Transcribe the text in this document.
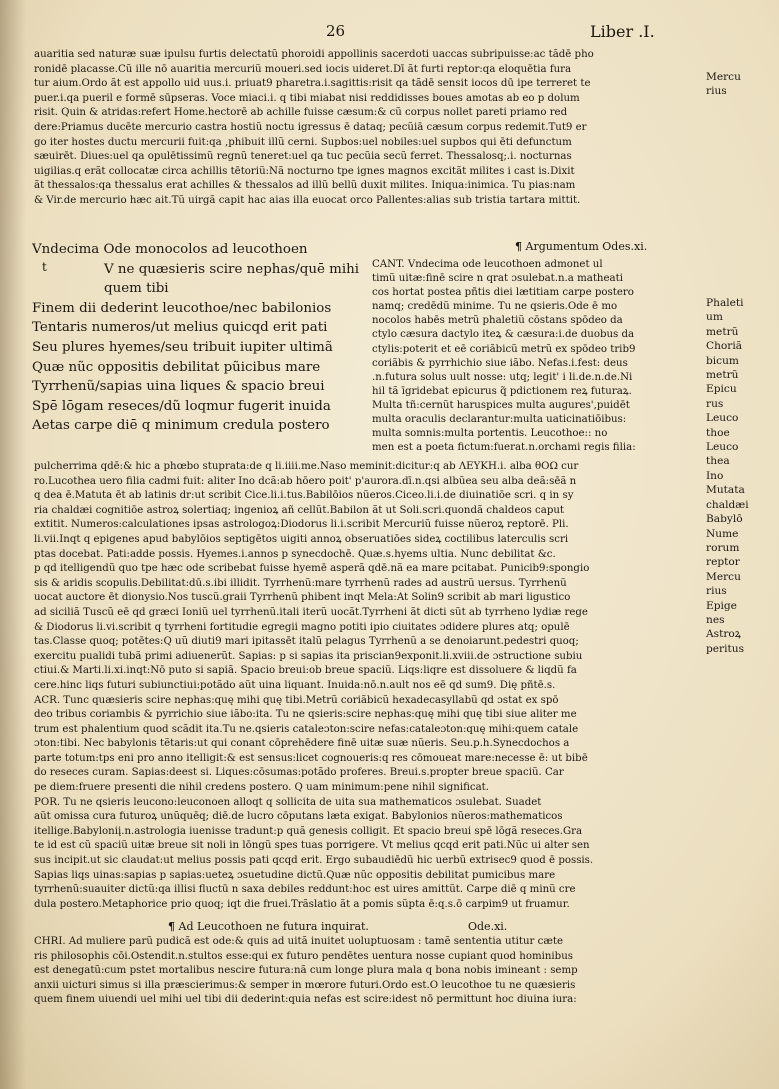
26	Liber .I.

auaritia sed naturæ suæ ipulsu furtis delectatũ phoroidi appollinis sacerdoti uaccas subripuisse:ac tãdē pho

ronidē placasse.Cũ ille nō auaritia mercuriũ moueri.sed iocis uideret.Dī ãt furti reptor:qa eloquētia fura

tur aium.Ordo ãt est appollo uid uus.i. priuat9 pharetra.i.sagittis:risit qa tãdē sensit iocos dū ipe terreret te

puer.i.qa pueril e formē sūpseras. Voce miaci.i. q tibi miabat nisi reddidisses boues amotas ab eo p dolum

risit. Quin & atridas:refert Home.hectorē ab achille fuisse cæsum:& cũ corpus nollet pareti priamo red

dere:Priamus ducēte mercurio castra hostiũ noctu igressus ē dataq; pecũiā cæsum corpus redemit.Tut9 er

go iter hostes ductu mercurii fuit:qa ,phibuit illũ cerni. Supbos:uel nobiles:uel supbos qui ēti defunctum

sæuirēt. Diues:uel qa opulētissimũ regnũ teneret:uel qa tuc pecũia secũ ferret. Thessalosq;.i. nocturnas

uigilias.q erãt collocatæ circa achillis tētoriũ:Nã nocturno tpe ignes magnos excitãt milites i cast is.Dixit

ãt thessalos:qa thessalus erat achilles & thessalos ad illũ bellũ duxit milites. Iniqua:inimica. Tu pias:nam

& Vir.de mercurio hæc ait.Tũ uirgã capit hac aias illa euocat orco Pallentes:alias sub tristia tartara mittit.

¶ Argumentum Odes.xi.

Vndecima Ode monocolos ad leucothoen

t	V ne quæsieris scire nephas/quē mihi

quem tibi

Finem dii dederint leucothoe/nec babilonios

Tentaris numeros/ut melius quicqd erit pati

Seu plures hyemes/seu tribuit iupiter ultimã

Quæ nũc oppositis debilitat pũicibus mare

Tyrrhenũ/sapias uina liques & spacio breui

Spē lōgam reseces/dũ loqmur fugerit inuida

Aetas carpe diē q minimum credula postero

CANT. Vndecima ode leucothoen admonet ul

timũ uitæ:finē scire n qrat ɔsulebat.n.a matheati

cos hortat postea pñtis diei lætitiam carpe postero

namq; credēdũ minime. Tu ne qsieris.Ode ē mo

nocolos habēs metrũ phaletiũ cōstans spōdeo da

ctylo cæsura dactylo iteꝝ & cæsura:i.de duobus da

ctylis:poterit et eē coriãbicũ metrũ ex spōdeo trib9

coriãbis & pyrrhichio siue iãbo. Nefas.i.fest: deus

.n.futura solus uult nosse: utq; legit' i li.de.n.de.Ni

hil tã īgridebat epicurus q̃ pdictionem reꝝ futuraꝝ.

Multa tñ:cernũt haruspices multa augures',puidēt

multa oraculis declarantur:multa uaticinatiōibus:

multa somnis:multa portentis. Leucothoe:: no

men est a poeta fictum:fuerat.n.orchami regis filia:

pulcherrima qdē:& hic a phœbo stuprata:de q li.iiii.me.Naso meminit:dicitur:q ab ΛΕΥΚΗ.i. alba θΟΩ cur

ro.Lucothea uero filia cadmi fuit: aliter Ino dcã:ab hōero poit' p'aurora.dī.n.qsi albũea seu alba deã:sēã n

q dea ē.Matuta ēt ab latinis dr:ut scribit Cice.li.i.tus.Babilōios nũeros.Ciceo.li.i.de diuinatiōe scri. q in sy

ria chaldæi cognitiōe astroꝝ solertiaq; ingenioꝝ añ cellũt.Babilon ãt ut Soli.scri.quondã chaldeos caput

extitit. Numeros:calculationes ipsas astrologoꝝ:Diodorus li.i.scribit Mercuriũ fuisse nũeroꝝ reptorē. Pli.

li.vii.Inqt q epigenes apud babylōios septigētos uigiti annoꝝ obseruatiōes sideꝝ coctilibus laterculis scri

ptas docebat. Pati:adde possis. Hyemes.i.annos p synecdochē. Quæ.s.hyems ultia. Nunc debilitat &c.

p qd itelligendũ quo tpe hæc ode scribebat fuisse hyemē asperã qdē.nã ea mare pcitabat. Punicib9:spongio

sis & aridis scopulis.Debilitat:dū.s.ibi illidit. Tyrrhenũ:mare tyrrhenũ rades ad austrũ uersus. Tyrrhenũ

uocat auctore ēt dionysio.Nos tuscũ.graii Tyrrhenũ phibent inqt Mela:At Solin9 scribit ab mari ligustico

ad siciliã Tuscũ eē qd græci Ioniũ uel tyrrhenũ.itali iterũ uocãt.Tyrrheni ãt dicti sũt ab tyrrheno lydiæ rege

& Diodorus li.vi.scribit q tyrrheni fortitudie egregii magno potiti ipio ciuitates ɔdidere plures atq; opulē

tas.Classe quoq; potētes:Q uũ diuti9 mari ipitassēt italũ pelagus Tyrrhenũ a se denoiarunt.pedestri quoq;

exercitu pualidi tubã primi adiuenerũt. Sapias: p si sapias ita priscian9exponit.li.xviii.de ɔstructione subiu

ctiui.& Marti.li.xi.inqt:Nō puto si sapiã. Spacio breui:ob breue spaciũ. Liqs:liqre est dissoluere & liqdũ fa

cere.hinc liqs futuri subiunctiui:potãdo aũt uina liquant. Inuida:nō.n.ault nos eē qd sum9. Dię pñtē.s.

ACR. Tunc quæsieris scire nephas:quę mihi quę tibi.Metrũ coriãbicũ hexadecasyllabũ qd ɔstat ex spō

deo tribus coriambis & pyrrichio siue iãbo:ita. Tu ne qsieris:scire nephas:quę mihi quę tibi siue aliter me

trum est phalentium quod scãdit ita.Tu ne.qsieris cataleɔton:scire nefas:cataleɔton:quę mihi:quem catale

ɔton:tibi. Nec babylonis tẽtaris:ut qui conant cōprehēdere finē uitæ suæ nũeris. Seu.p.h.Synecdochos a

parte totum:tps eni pro anno itelligit:& est sensus:licet cognoueris:q res cōmoueat mare:necesse ē: ut bibē

do reseces curam. Sapias:deest si. Liques:cōsumas:potãdo proferes. Breui.s.propter breue spaciũ. Car

pe diem:fruere presenti die nihil credens postero. Q uam minimum:pene nihil significat.

POR. Tu ne qsieris leucono:leuconoen alloqt q sollicita de uita sua mathematicos ɔsulebat. Suadet

aũt omissa cura futuroꝝ unũquēq; diē.de lucro cōputans læta exigat. Babylonios nũeros:mathematicos

itellige.Babyloniį.n.astrologia iuenisse tradunt:p quã genesis colligit. Et spacio breui spē lōgã reseces.Gra

te id est cũ spaciũ uitæ breue sit noli in lōngũ spes tuas porrigere. Vt melius qcqd erit pati.Nũc ui alter sen

sus incipit.ut sic claudat:ut melius possis pati qcqd erit. Ergo subaudiēdũ hic uerbũ extrisec9 quod ē possis.

Sapias liqs uinas:sapias p sapias:ueteꝝ ɔsuetudine dictũ.Quæ nũc oppositis debilitat pumicibus mare

tyrrhenũ:suauiter dictũ:qa illisi fluctū n saxa debiles reddunt:hoc est uires amittũt. Carpe diē q minũ cre

dula postero.Metaphorice prio quoq; iqt die fruei.Trãslatio ãt a pomis sũpta ē:q.s.ō carpim9 ut fruamur.

¶ Ad Leucothoen ne futura inquirat.	Ode.xi.

CHRI. Ad muliere parũ pudicã est ode:& quis ad uitã inuitet uoluptuosam : tamẽ sententia utitur cæte

ris philosophis cōi.Ostendit.n.stultos esse:qui ex futuro pendētes uentura nosse cupiant quod hominibus

est denegatũ:cum pstet mortalibus nescire futura:nã cum longe plura mala q bona nobis imineant : semp

anxii uicturi simus si illa præscierimus:& semper in mœrore futuri.Ordo est.O leucothoe tu ne quæsieris

quem finem uiuendi uel mihi uel tibi dii dederint:quia nefas est scire:idest nō permittunt hoc diuina iura:

Mercu

rius

Phaleti

um

metrũ

Choriã

bicum

metrũ

Epicu

rus

Leuco

thoe

Leuco

thea

Ino

Mutata

chaldæi

Babylō

Nume

rorum

reptor

Mercu

rius

Epige

nes

Astroꝝ

peritus
